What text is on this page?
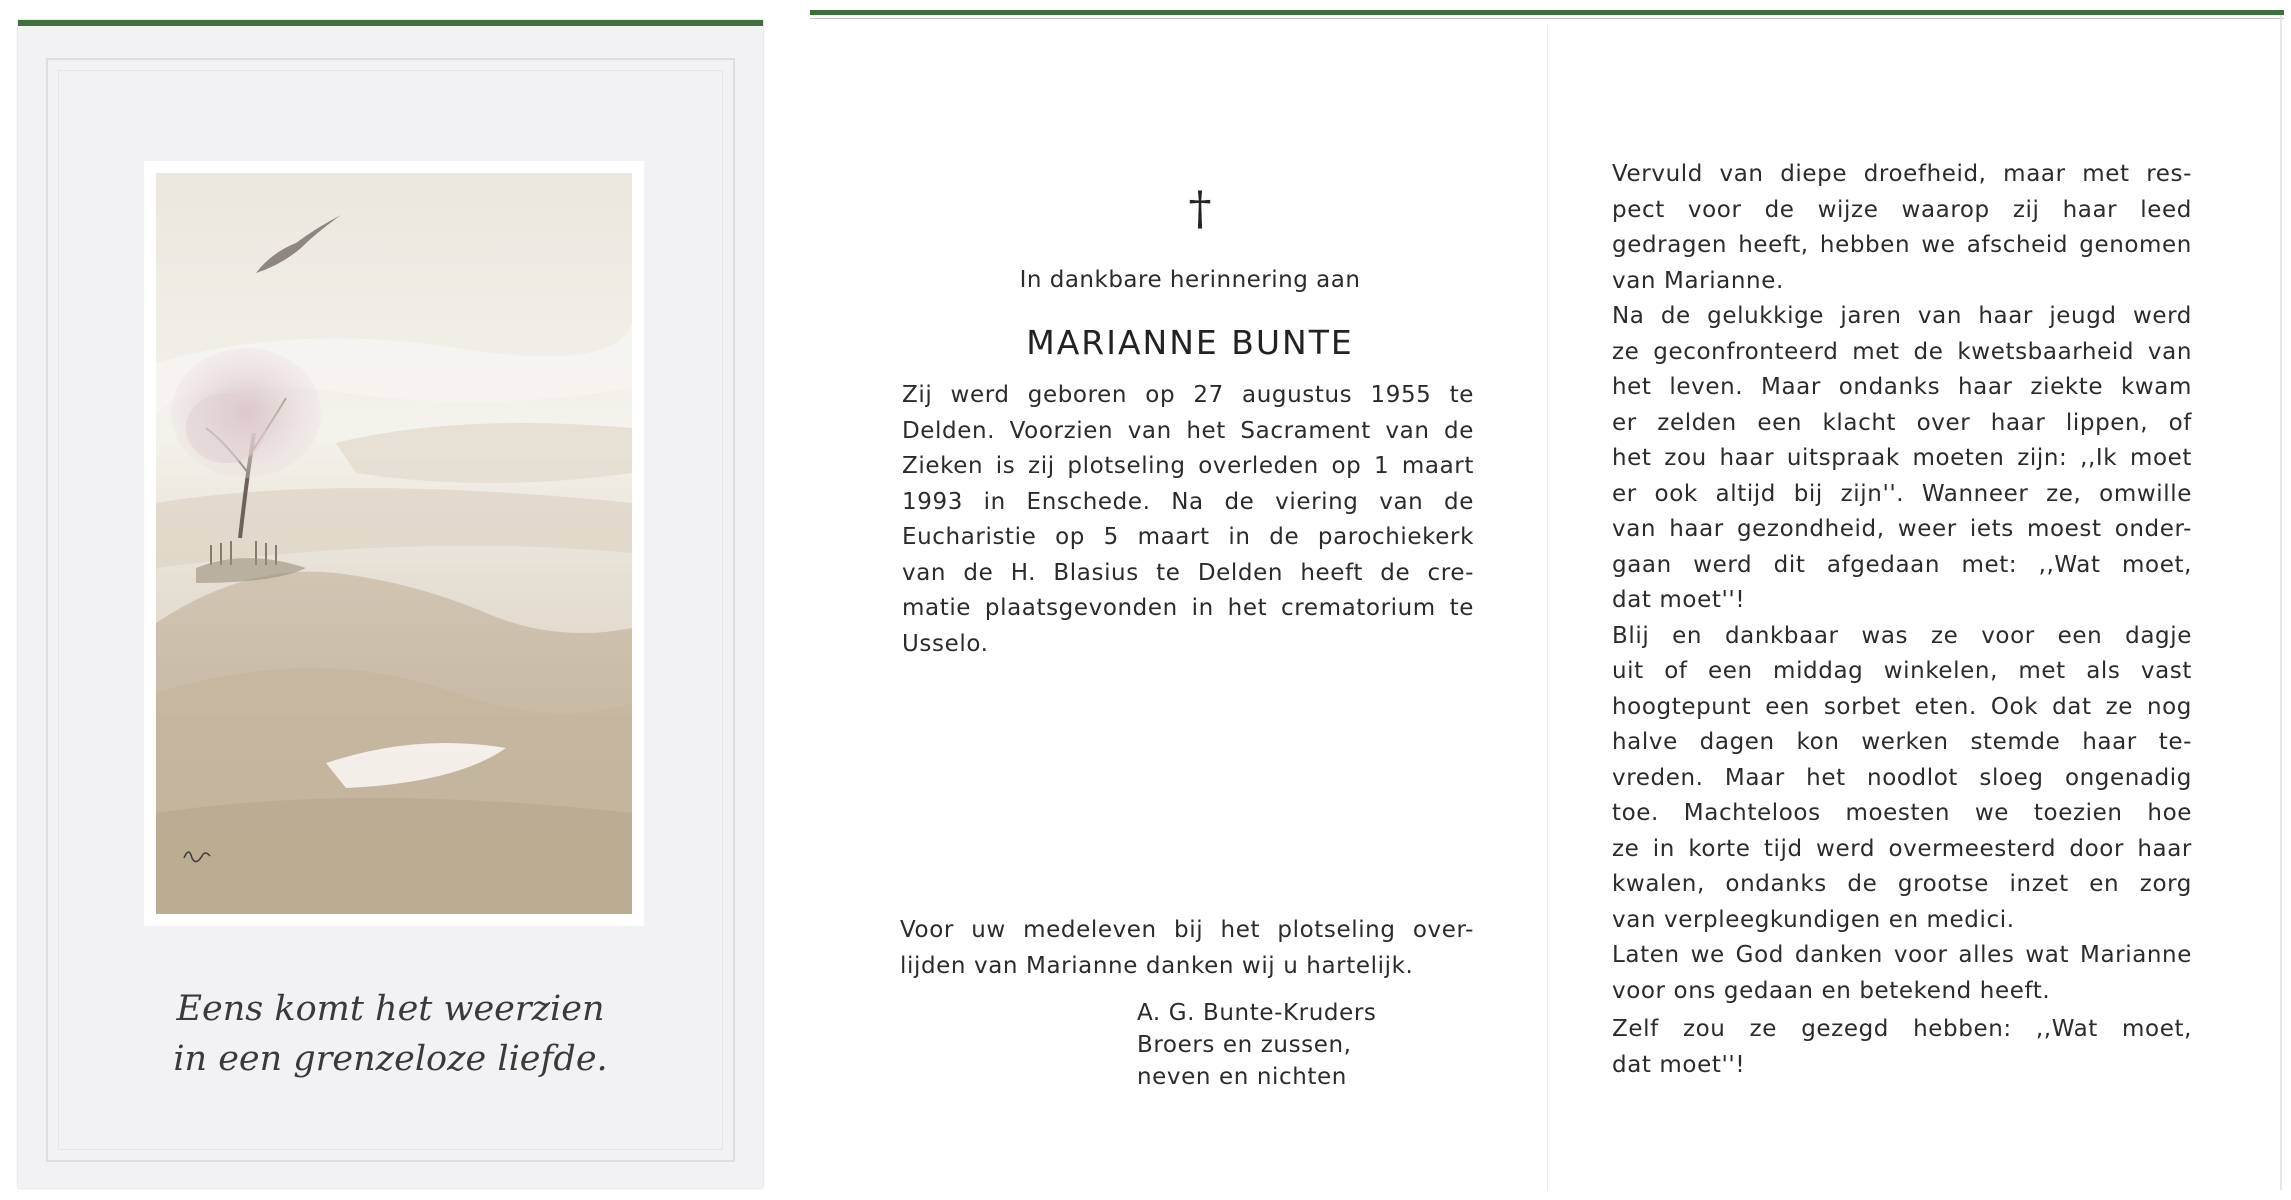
Eens komt het weerzien
in een grenzeloze liefde.
†
In dankbare herinnering aan
MARIANNE BUNTE
Zij werd geboren op 27 augustus 1955 te
Delden. Voorzien van het Sacrament van de
Zieken is zij plotseling overleden op 1 maart
1993 in Enschede. Na de viering van de
Eucharistie op 5 maart in de parochiekerk
van de H. Blasius te Delden heeft de cre-
matie plaatsgevonden in het crematorium te
Usselo.
Voor uw medeleven bij het plotseling over-
lijden van Marianne danken wij u hartelijk.
A. G. Bunte-Kruders
Broers en zussen,
neven en nichten
Vervuld van diepe droefheid, maar met res-
pect voor de wijze waarop zij haar leed
gedragen heeft, hebben we afscheid genomen
van Marianne.
Na de gelukkige jaren van haar jeugd werd
ze geconfronteerd met de kwetsbaarheid van
het leven. Maar ondanks haar ziekte kwam
er zelden een klacht over haar lippen, of
het zou haar uitspraak moeten zijn: ,,Ik moet
er ook altijd bij zijn''. Wanneer ze, omwille
van haar gezondheid, weer iets moest onder-
gaan werd dit afgedaan met: ,,Wat moet,
dat moet''!
Blij en dankbaar was ze voor een dagje
uit of een middag winkelen, met als vast
hoogtepunt een sorbet eten. Ook dat ze nog
halve dagen kon werken stemde haar te-
vreden. Maar het noodlot sloeg ongenadig
toe. Machteloos moesten we toezien hoe
ze in korte tijd werd overmeesterd door haar
kwalen, ondanks de grootse inzet en zorg
van verpleegkundigen en medici.
Laten we God danken voor alles wat Marianne
voor ons gedaan en betekend heeft.
Zelf zou ze gezegd hebben: ,,Wat moet,
dat moet''!
